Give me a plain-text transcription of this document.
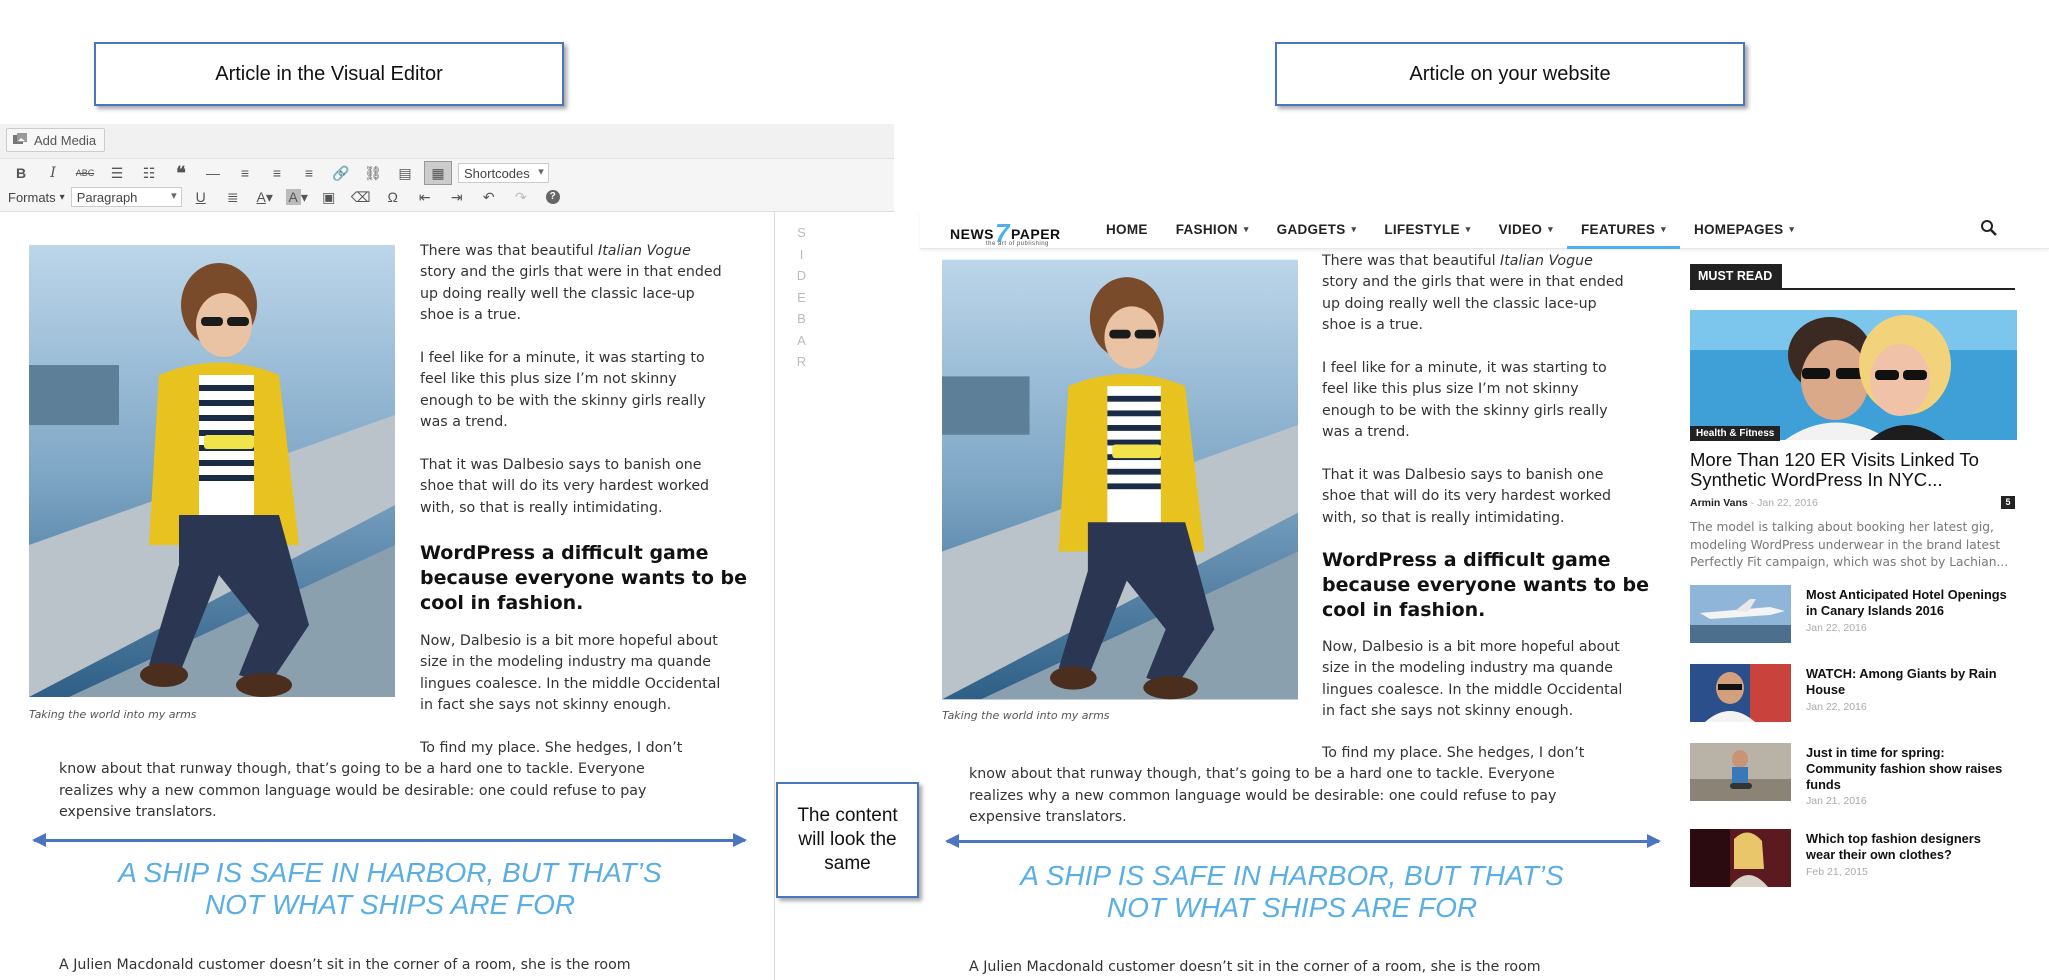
Article in the Visual Editor	Article on your website
Add Media
B I ABC	☰	☷	❝	—	≡	≡	≡	🔗	⛓	▤	▦	Shortcodes
▾
Formats ▾ Paragraph
▾	U	≣	A ▾	A ▾	▣	⌫	Ω	⇤	⇥	↶	↷	?
S
I
D
E
B
A
R
Taking the world into my arms
There was that beautiful Italian Vogue
story and the girls that were in that ended
up doing really well the classic lace-up
shoe is a true.
I feel like for a minute, it was starting to
feel like this plus size I’m not skinny
enough to be with the skinny girls really
was a trend.
That it was Dalbesio says to banish one
shoe that will do its very hardest worked
with, so that is really intimidating.
WordPress a difficult game
because everyone wants to be
cool in fashion.
Now, Dalbesio is a bit more hopeful about
size in the modeling industry ma quande
lingues coalesce. In the middle Occidental
in fact she says not skinny enough.
To find my place. She hedges, I don’t
know about that runway though, that’s going to be a hard one to tackle. Everyone
realizes why a new common language would be desirable: one could refuse to pay
expensive translators.
A SHIP IS SAFE IN HARBOR, BUT THAT’S
NOT WHAT SHIPS ARE FOR
A Julien Macdonald customer doesn’t sit in the corner of a room, she is the room
The content will look the same
NEWS7PAPER
the art of publishing
HOME FASHION ▾ GADGETS ▾ LIFESTYLE ▾ VIDEO ▾ FEATURES ▾ HOMEPAGES ▾
Taking the world into my arms
There was that beautiful Italian Vogue
story and the girls that were in that ended
up doing really well the classic lace-up
shoe is a true.
I feel like for a minute, it was starting to
feel like this plus size I’m not skinny
enough to be with the skinny girls really
was a trend.
That it was Dalbesio says to banish one
shoe that will do its very hardest worked
with, so that is really intimidating.
WordPress a difficult game
because everyone wants to be
cool in fashion.
Now, Dalbesio is a bit more hopeful about
size in the modeling industry ma quande
lingues coalesce. In the middle Occidental
in fact she says not skinny enough.
To find my place. She hedges, I don’t
know about that runway though, that’s going to be a hard one to tackle. Everyone
realizes why a new common language would be desirable: one could refuse to pay
expensive translators.
A SHIP IS SAFE IN HARBOR, BUT THAT’S
NOT WHAT SHIPS ARE FOR
A Julien Macdonald customer doesn’t sit in the corner of a room, she is the room
MUST READ
Health & Fitness
More Than 120 ER Visits Linked To
Synthetic WordPress In NYC...
Armin Vans - Jan 22, 2016	5
The model is talking about booking her latest gig,
modeling WordPress underwear in the brand latest
Perfectly Fit campaign, which was shot by Lachian...
Most Anticipated Hotel Openings
in Canary Islands 2016
Jan 22, 2016
WATCH: Among Giants by Rain
House
Jan 22, 2016
Just in time for spring:
Community fashion show raises
funds
Jan 21, 2016
Which top fashion designers
wear their own clothes?
Feb 21, 2015
